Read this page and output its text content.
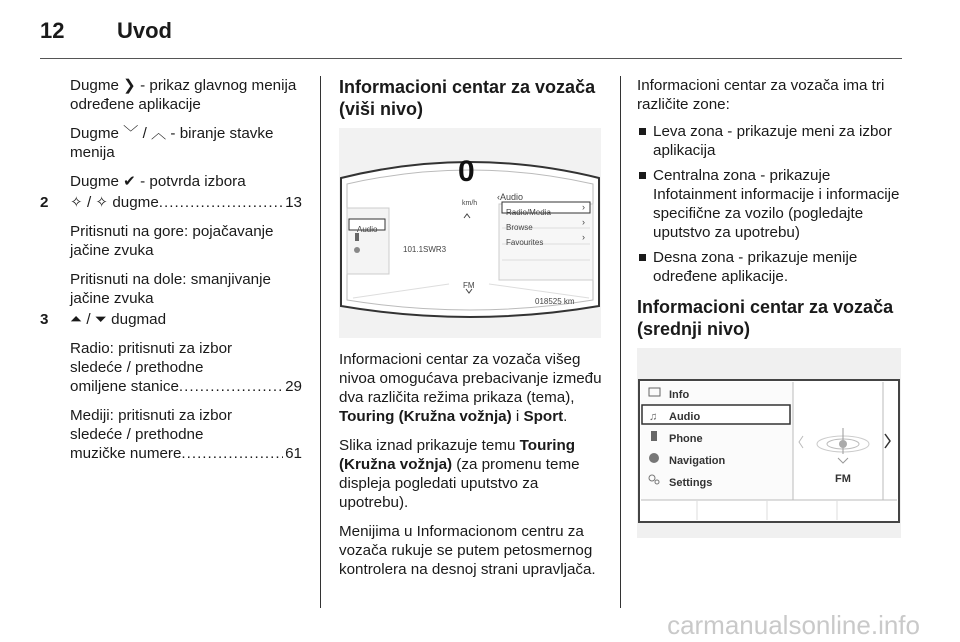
12 Uvod
Dugme ❯ - prikaz glavnog menija određene aplikacije
Dugme ﹀ / ︿ - biranje stavke menija
Dugme ✔ - potvrda izbora
2 ✧ / ✧ dugme .....	13
Pritisnuti na gore: pojačavanje jačine zvuka
Pritisnuti na dole: smanjivanje jačine zvuka
3	⏶ / ⏷ dugmad
Radio: pritisnuti za izbor sledeće / prethodne
omiljene stanice .....	29
Mediji: pritisnuti za izbor sledeće / prethodne
muzičke numere .....	61
Informacioni centar za vozača (viši nivo)
›
›
›
0
km/h
‹Audio
Radio/Media
Browse
Favourites
Audio
101.1SWR3
FM
018525 km
Informacioni centar za vozača višeg nivoa omogućava prebacivanje između dva različita režima prikaza (tema), Touring (Kružna vožnja) i Sport.
Slika iznad prikazuje temu Touring (Kružna vožnja) (za promenu teme displeja pogledati uputstvo za upotrebu).
Menijima u Informacionom centru za vozača rukuje se putem petosmernog kontrolera na desnoj strani upravljača.
Informacioni centar za vozača ima tri različite zone:
Leva zona - prikazuje meni za izbor aplikacija
Centralna zona - prikazuje Infotainment informacije i informacije specifične za vozilo (pogledajte uputstvo za upotrebu)
Desna zona - prikazuje menije određene aplikacije.
Informacioni centar za vozača (srednji nivo)
♫
Info
Audio
Phone
Navigation
Settings	FM
carmanualsonline.info
